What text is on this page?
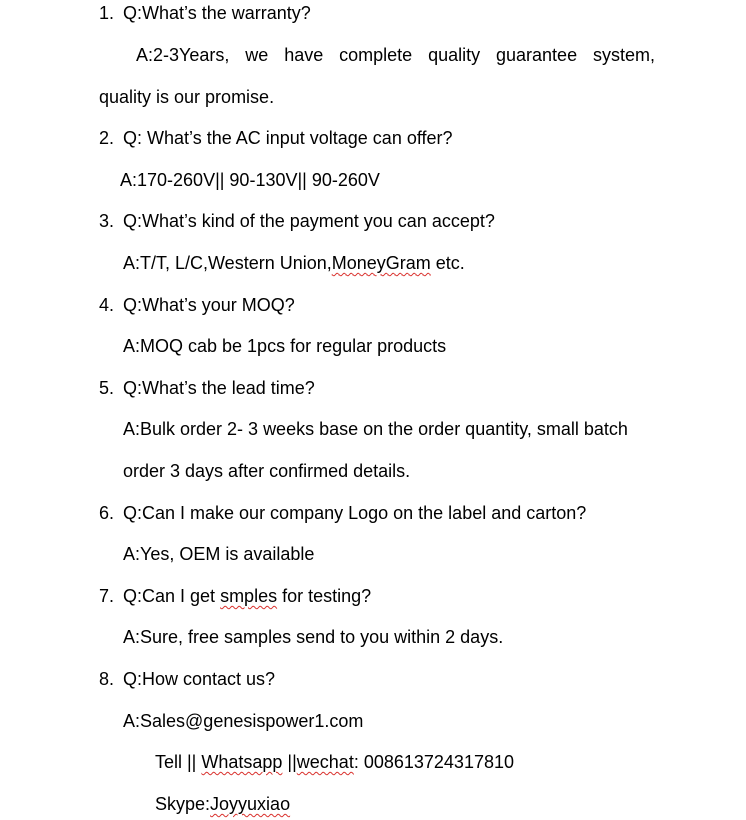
1. Q:What’s the warranty?
A:2-3Years, we have complete quality guarantee system,
quality is our promise.
2. Q: What’s the AC input voltage can offer?
A:170-260V|| 90-130V|| 90-260V
3. Q:What’s kind of the payment you can accept?
A:T/T, L/C,Western Union,MoneyGram etc.
4. Q:What’s your MOQ?
A:MOQ cab be 1pcs for regular products
5. Q:What’s the lead time?
A:Bulk order 2- 3 weeks base on the order quantity, small batch
order 3 days after confirmed details.
6. Q:Can I make our company Logo on the label and carton?
A:Yes, OEM is available
7. Q:Can I get smples for testing?
A:Sure, free samples send to you within 2 days.
8. Q:How contact us?
A:Sales@genesispower1.com
Tell || Whatsapp ||wechat: 008613724317810
Skype:Joyyuxiao
